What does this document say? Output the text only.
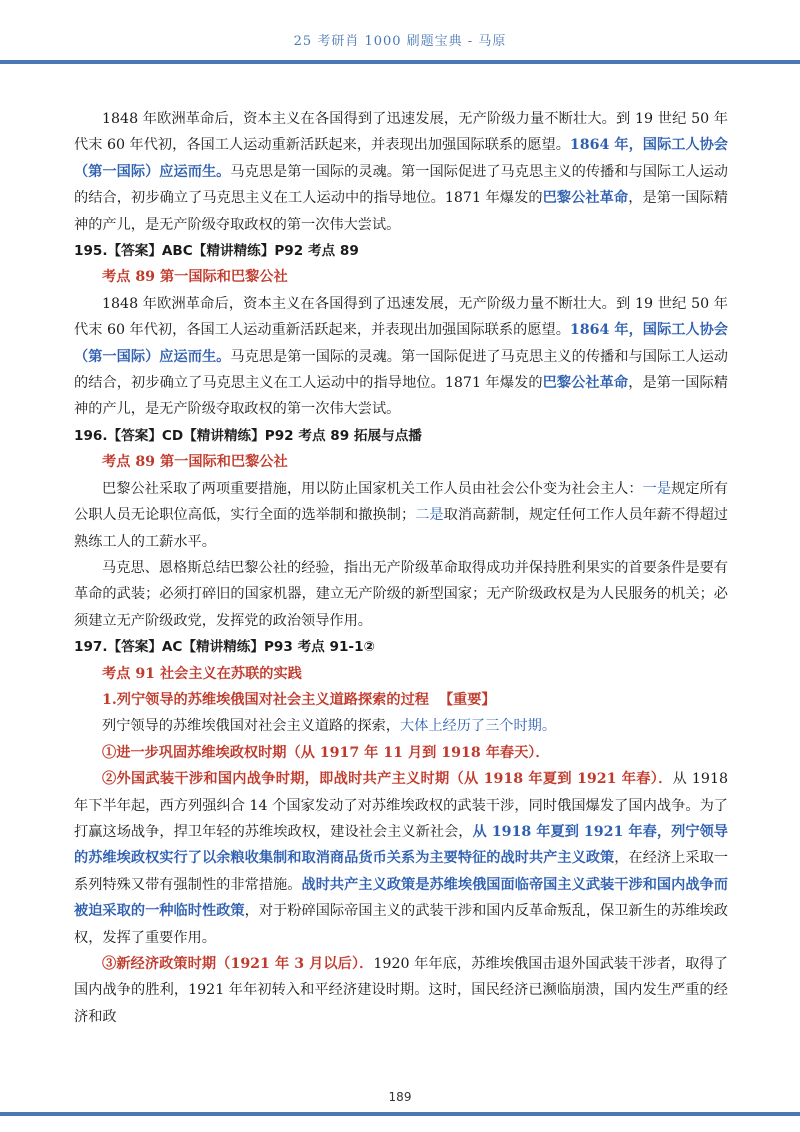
25 考研肖 1000 刷题宝典 - 马原

1848 年欧洲革命后，资本主义在各国得到了迅速发展，无产阶级力量不断壮大。到 19 世纪 50 年代末 60 年代初，各国工人运动重新活跃起来，并表现出加强国际联系的愿望。1864 年，国际工人协会（第一国际）应运而生。马克思是第一国际的灵魂。第一国际促进了马克思主义的传播和与国际工人运动的结合，初步确立了马克思主义在工人运动中的指导地位。1871 年爆发的巴黎公社革命，是第一国际精神的产儿，是无产阶级夺取政权的第一次伟大尝试。

195.【答案】ABC【精讲精练】P92 考点 89

考点 89 第一国际和巴黎公社

1848 年欧洲革命后，资本主义在各国得到了迅速发展，无产阶级力量不断壮大。到 19 世纪 50 年代末 60 年代初，各国工人运动重新活跃起来，并表现出加强国际联系的愿望。1864 年，国际工人协会（第一国际）应运而生。马克思是第一国际的灵魂。第一国际促进了马克思主义的传播和与国际工人运动的结合，初步确立了马克思主义在工人运动中的指导地位。1871 年爆发的巴黎公社革命，是第一国际精神的产儿，是无产阶级夺取政权的第一次伟大尝试。

196.【答案】CD【精讲精练】P92 考点 89 拓展与点播

考点 89 第一国际和巴黎公社

巴黎公社采取了两项重要措施，用以防止国家机关工作人员由社会公仆变为社会主人：一是规定所有公职人员无论职位高低，实行全面的选举制和撤换制；二是取消高薪制，规定任何工作人员年薪不得超过熟练工人的工薪水平。

马克思、恩格斯总结巴黎公社的经验，指出无产阶级革命取得成功并保持胜利果实的首要条件是要有革命的武装；必须打碎旧的国家机器，建立无产阶级的新型国家；无产阶级政权是为人民服务的机关；必须建立无产阶级政党，发挥党的政治领导作用。

197.【答案】AC【精讲精练】P93 考点 91-1②

考点 91 社会主义在苏联的实践

1.列宁领导的苏维埃俄国对社会主义道路探索的过程 【重要】

列宁领导的苏维埃俄国对社会主义道路的探索，大体上经历了三个时期。

①进一步巩固苏维埃政权时期（从 1917 年 11 月到 1918 年春天）．

②外国武装干涉和国内战争时期，即战时共产主义时期（从 1918 年夏到 1921 年春）．从 1918 年下半年起，西方列强纠合 14 个国家发动了对苏维埃政权的武装干涉，同时俄国爆发了国内战争。为了打赢这场战争，捍卫年轻的苏维埃政权，建设社会主义新社会，从 1918 年夏到 1921 年春，列宁领导的苏维埃政权实行了以余粮收集制和取消商品货币关系为主要特征的战时共产主义政策，在经济上采取一系列特殊又带有强制性的非常措施。战时共产主义政策是苏维埃俄国面临帝国主义武装干涉和国内战争而被迫采取的一种临时性政策，对于粉碎国际帝国主义的武装干涉和国内反革命叛乱，保卫新生的苏维埃政权，发挥了重要作用。

③新经济政策时期（1921 年 3 月以后）．1920 年年底，苏维埃俄国击退外国武装干涉者，取得了国内战争的胜利，1921 年年初转入和平经济建设时期。这时，国民经济已濒临崩溃，国内发生严重的经济和政

189
